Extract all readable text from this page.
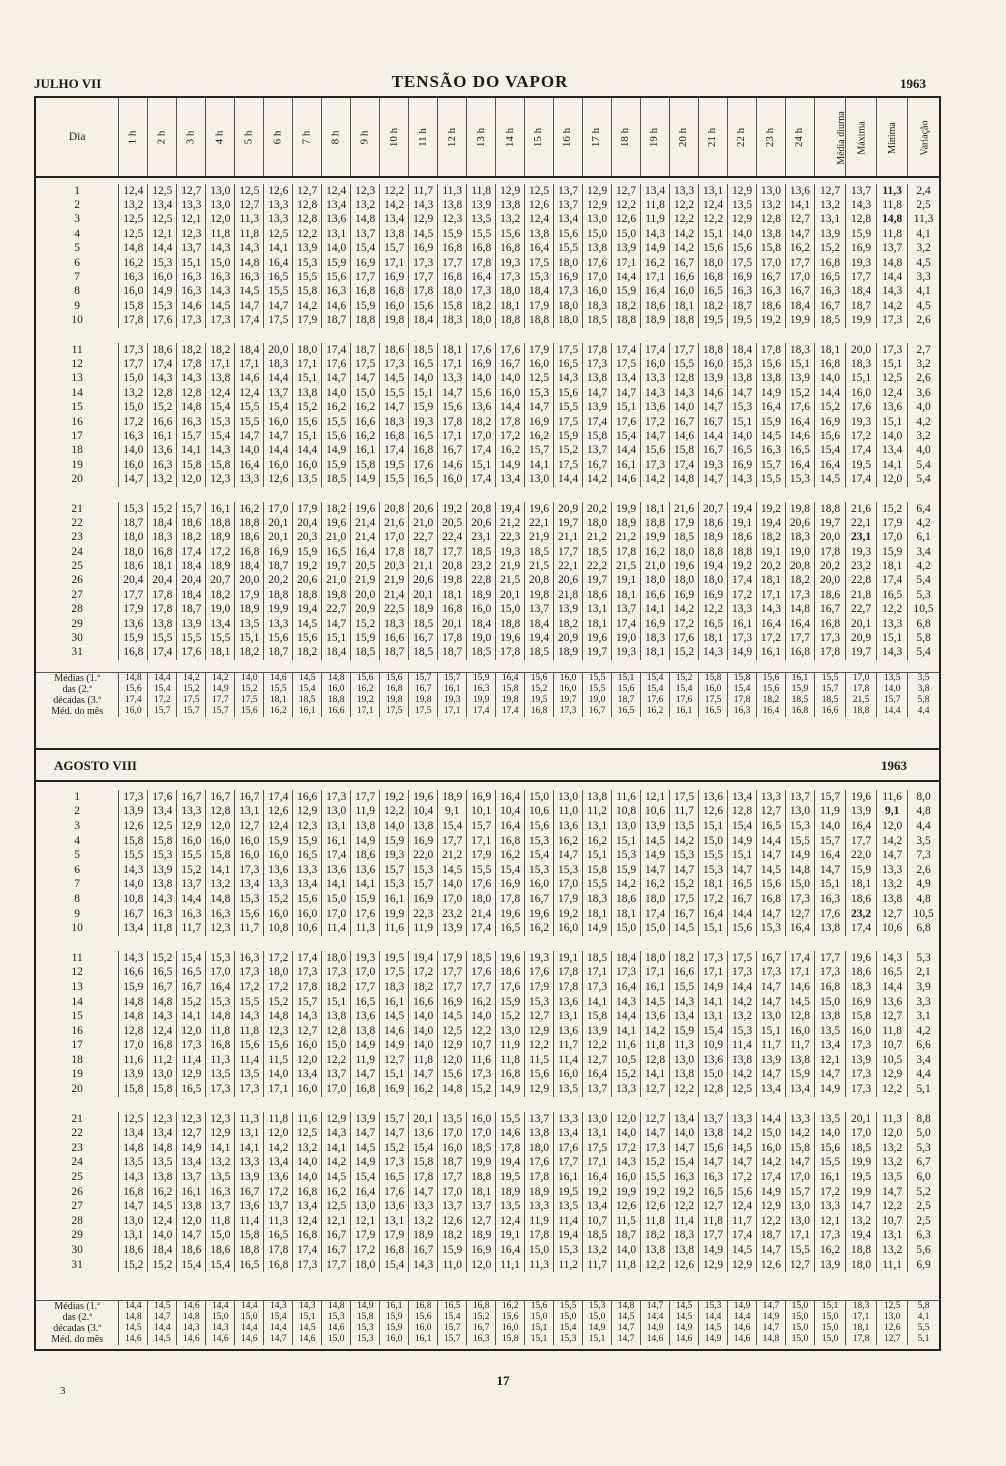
JULHO VII	TENSÃO DO VAPOR	1963
Dia	1 h	2 h	3 h	4 h	5 h	6 h	7 h	8 h	9 h	10 h	11 h	12 h	13 h	14 h	15 h	16 h	17 h	18 h	19 h	20 h	21 h	22 h	23 h	24 h	Média diurna	Máxima	Mínima	Variação

1	12,4	12,5	12,7	13,0	12,5	12,6	12,7	12,4	12,3	12,2	11,7	11,3	11,8	12,9	12,5	13,7	12,9	12,7	13,4	13,3	13,1	12,9	13,0	13,6	12,7	13,7	11,3	2,4
2	13,2	13,4	13,3	13,0	12,7	13,3	12,8	13,4	13,2	14,2	14,3	13,8	13,9	13,8	12,6	13,7	12,9	12,2	11,8	12,2	12,4	13,5	13,2	14,1	13,2	14,3	11,8	2,5
3	12,5	12,5	12,1	12,0	11,3	13,3	12,8	13,6	14,8	13,4	12,9	12,3	13,5	13,2	12,4	13,4	13,0	12,6	11,9	12,2	12,2	12,9	12,8	12,7	13,1	12,8	14,8	11,3
4	12,5	12,1	12,3	11,8	11,8	12,5	12,2	13,1	13,7	13,8	14,5	15,9	15,5	15,6	13,8	15,6	15,0	15,0	14,3	14,2	15,1	14,0	13,8	14,7	13,9	15,9	11,8	4,1
5	14,8	14,4	13,7	14,3	14,3	14,1	13,9	14,0	15,4	15,7	16,9	16,8	16,8	16,8	16,4	15,5	13,8	13,9	14,9	14,2	15,6	15,6	15,8	16,2	15,2	16,9	13,7	3,2
6	16,2	15,3	15,1	15,0	14,8	16,4	15,3	15,9	16,9	17,1	17,3	17,7	17,8	19,3	17,5	18,0	17,6	17,1	16,2	16,7	18,0	17,5	17,0	17,7	16,8	19,3	14,8	4,5
7	16,3	16,0	16,3	16,3	16,3	16,5	15,5	15,6	17,7	16,9	17,7	16,8	16,4	17,3	15,3	16,9	17,0	14,4	17,1	16,6	16,8	16,9	16,7	17,0	16,5	17,7	14,4	3,3
8	16,0	14,9	16,3	14,3	14,5	15,5	15,8	16,3	16,8	16,8	17,8	18,0	17,3	18,0	18,4	17,3	16,0	15,9	16,4	16,0	16,5	16,3	16,3	16,7	16,3	18,4	14,3	4,1
9	15,8	15,3	14,6	14,5	14,7	14,7	14,2	14,6	15,9	16,0	15,6	15,8	18,2	18,1	17,9	18,0	18,3	18,2	18,6	18,1	18,2	18,7	18,6	18,4	16,7	18,7	14,2	4,5
10	17,8	17,6	17,3	17,3	17,4	17,5	17,9	18,7	18,8	19,8	18,4	18,3	18,0	18,8	18,8	18,0	18,5	18,8	18,9	18,8	19,5	19,5	19,2	19,9	18,5	19,9	17,3	2,6

11	17,3	18,6	18,2	18,2	18,4	20,0	18,0	17,4	18,7	18,6	18,5	18,1	17,6	17,6	17,9	17,5	17,8	17,4	17,4	17,7	18,8	18,4	17,8	18,3	18,1	20,0	17,3	2,7
12	17,7	17,4	17,8	17,1	17,1	18,3	17,1	17,6	17,5	17,3	16,5	17,1	16,9	16,7	16,0	16,5	17,3	17,5	16,0	15,5	16,0	15,3	15,6	15,1	16,8	18,3	15,1	3,2
13	15,0	14,3	14,3	13,8	14,6	14,4	15,1	14,7	14,7	14,5	14,0	13,3	14,0	14,0	12,5	14,3	13,8	13,4	13,3	12,8	13,9	13,8	13,8	13,9	14,0	15,1	12,5	2,6
14	13,2	12,8	12,8	12,4	12,4	13,7	13,8	14,0	15,0	15,5	15,1	14,7	15,6	16,0	15,3	15,6	14,7	14,7	14,3	14,3	14,6	14,7	14,9	15,2	14,4	16,0	12,4	3,6
15	15,0	15,2	14,8	15,4	15,5	15,4	15,2	16,2	16,2	14,7	15,9	15,6	13,6	14,4	14,7	15,5	13,9	15,1	13,6	14,0	14,7	15,3	16,4	17,6	15,2	17,6	13,6	4,0
16	17,2	16,6	16,3	15,3	15,5	16,0	15,6	15,5	16,6	18,3	19,3	17,8	18,2	17,8	16,9	17,5	17,4	17,6	17,2	16,7	16,7	15,1	15,9	16,4	16,9	19,3	15,1	4,2
17	16,3	16,1	15,7	15,4	14,7	14,7	15,1	15,6	16,2	16,8	16,5	17,1	17,0	17,2	16,2	15,9	15,8	15,4	14,7	14,6	14,4	14,0	14,5	14,6	15,6	17,2	14,0	3,2
18	14,0	13,6	14,1	14,3	14,0	14,4	14,4	14,9	16,1	17,4	16,8	16,7	17,4	16,2	15,7	15,2	13,7	14,4	15,6	15,8	16,7	16,5	16,3	16,5	15,4	17,4	13,4	4,0
19	16,0	16,3	15,8	15,8	16,4	16,0	16,0	15,9	15,8	19,5	17,6	14,6	15,1	14,9	14,1	17,5	16,7	16,1	17,3	17,4	19,3	16,9	15,7	16,4	16,4	19,5	14,1	5,4
20	14,7	13,2	12,0	12,3	13,3	12,6	13,5	18,5	14,9	15,5	16,5	16,0	17,4	13,4	13,0	14,4	14,2	14,6	14,2	14,8	14,7	14,3	15,5	15,3	14,5	17,4	12,0	5,4

21	15,3	15,2	15,7	16,1	16,2	17,0	17,9	18,2	19,6	20,8	20,6	19,2	20,8	19,4	19,6	20,9	20,2	19,9	18,1	21,6	20,7	19,4	19,2	19,8	18,8	21,6	15,2	6,4
22	18,7	18,4	18,6	18,8	18,8	20,1	20,4	19,6	21,4	21,6	21,0	20,5	20,6	21,2	22,1	19,7	18,0	18,9	18,8	17,9	18,6	19,1	19,4	20,6	19,7	22,1	17,9	4,2
23	18,0	18,3	18,2	18,9	18,6	20,1	20,3	21,0	21,4	17,0	22,7	22,4	23,1	22,3	21,9	21,1	21,2	21,2	19,9	18,5	18,9	18,6	18,2	18,3	20,0	23,1	17,0	6,1
24	18,0	16,8	17,4	17,2	16,8	16,9	15,9	16,5	16,4	17,8	18,7	17,7	18,5	19,3	18,5	17,7	18,5	17,8	16,2	18,0	18,8	18,8	19,1	19,0	17,8	19,3	15,9	3,4
25	18,6	18,1	18,4	18,9	18,4	18,7	19,2	19,7	20,5	20,3	21,1	20,8	23,2	21,9	21,5	22,1	22,2	21,5	21,0	19,6	19,4	19,2	20,2	20,8	20,2	23,2	18,1	4,2
26	20,4	20,4	20,4	20,7	20,0	20,2	20,6	21,0	21,9	21,9	20,6	19,8	22,8	21,5	20,8	20,6	19,7	19,1	18,0	18,0	18,0	17,4	18,1	18,2	20,0	22,8	17,4	5,4
27	17,7	17,8	18,4	18,2	17,9	18,8	18,8	19,8	20,0	21,4	20,1	18,1	18,9	20,1	19,8	21,8	18,6	18,1	16,6	16,9	16,9	17,2	17,1	17,3	18,6	21,8	16,5	5,3
28	17,9	17,8	18,7	19,0	18,9	19,9	19,4	22,7	20,9	22,5	18,9	16,8	16,0	15,0	13,7	13,9	13,1	13,7	14,1	14,2	12,2	13,3	14,3	14,8	16,7	22,7	12,2	10,5
29	13,6	13,8	13,9	13,4	13,5	13,3	14,5	14,7	15,2	18,3	18,5	20,1	18,4	18,8	18,4	18,2	18,1	17,4	16,9	17,2	16,5	16,1	16,4	16,4	16,8	20,1	13,3	6,8
30	15,9	15,5	15,5	15,5	15,1	15,6	15,6	15,1	15,9	16,6	16,7	17,8	19,0	19,6	19,4	20,9	19,6	19,0	18,3	17,6	18,1	17,3	17,2	17,7	17,3	20,9	15,1	5,8
31	16,8	17,4	17,6	18,1	18,2	18,7	18,2	18,4	18,5	18,7	18,5	18,7	18,5	17,8	18,5	18,9	19,7	19,3	18,1	15,2	14,3	14,9	16,1	16,8	17,8	19,7	14,3	5,4

Médias (1.ª	14,8	14,4	14,2	14,2	14,0	14,6	14,5	14,8	15,6	15,6	15,7	15,7	15,9	16,4	15,6	16,0	15,5	15,1	15,4	15,2	15,8	15,8	15,6	16,1	15,5	17,0	13,5	3,5
das (2.ª	15,6	15,4	15,2	14,9	15,2	15,5	15,4	16,0	16,2	16,8	16,7	16,1	16,3	15,8	15,2	16,0	15,5	15,6	15,4	15,4	16,0	15,4	15,6	15,9	15,7	17,8	14,0	3,8
décadas (3.ª	17,4	17,2	17,5	17,7	17,5	18,1	18,5	18,8	19,2	19,8	19,8	19,3	19,9	19,8	19,5	19,7	19,0	18,7	17,6	17,6	17,5	17,8	18,2	18,5	18,5	21,5	15,7	5,8
Méd. do mês	16,0	15,7	15,7	15,7	15,6	16,2	16,1	16,6	17,1	17,5	17,5	17,1	17,4	17,4	16,8	17,3	16,7	16,5	16,2	16,1	16,5	16,3	16,4	16,8	16,6	18,8	14,4	4,4
AGOSTO VIII	1963

1	17,3	17,6	16,7	16,7	16,7	17,4	16,6	17,3	17,7	19,2	19,6	18,9	16,9	16,4	15,0	13,0	13,8	11,6	12,1	17,5	13,6	13,4	13,3	13,7	15,7	19,6	11,6	8,0
2	13,9	13,4	13,3	12,8	13,1	12,6	12,9	13,0	11,9	12,2	10,4	9,1	10,1	10,4	10,6	11,0	11,2	10,8	10,6	11,7	12,6	12,8	12,7	13,0	11,9	13,9	9,1	4,8
3	12,6	12,5	12,9	12,0	12,7	12,4	12,3	13,1	13,8	14,0	13,8	15,4	15,7	16,4	15,6	13,6	13,1	13,0	13,9	13,5	15,1	15,4	16,5	15,3	14,0	16,4	12,0	4,4
4	15,8	15,8	16,0	16,0	16,0	15,9	15,9	16,1	14,9	15,9	16,9	17,7	17,1	16,8	15,3	16,2	16,2	15,1	14,5	14,2	15,0	14,9	14,4	15,5	15,7	17,7	14,2	3,5
5	15,5	15,3	15,5	15,8	16,0	16,0	16,5	17,4	18,6	19,3	22,0	21,2	17,9	16,2	15,4	14,7	15,1	15,3	14,9	15,3	15,5	15,1	14,7	14,9	16,4	22,0	14,7	7,3
6	14,3	13,9	15,2	14,1	17,3	13,6	13,3	13,6	13,6	15,7	15,3	14,5	15,5	15,4	15,3	15,3	15,8	15,9	14,7	14,7	15,3	14,7	14,5	14,8	14,7	15,9	13,3	2,6
7	14,0	13,8	13,7	13,2	13,4	13,3	13,4	14,1	14,1	15,3	15,7	14,0	17,6	16,9	16,0	17,0	15,5	14,2	16,2	15,2	18,1	16,5	15,6	15,0	15,1	18,1	13,2	4,9
8	10,8	14,3	14,4	14,8	15,3	15,2	15,6	15,0	15,9	16,1	16,9	17,0	18,0	17,8	16,7	17,9	18,3	18,6	18,0	17,5	17,2	16,7	16,8	17,3	16,3	18,6	13,8	4,8
9	16,7	16,3	16,3	16,3	15,6	16,0	16,0	17,0	17,6	19,9	22,3	23,2	21,4	19,6	19,6	19,2	18,1	18,1	17,4	16,7	16,4	14,4	14,7	12,7	17,6	23,2	12,7	10,5
10	13,4	11,8	11,7	12,3	11,7	10,8	10,6	11,4	11,3	11,6	11,9	13,9	17,4	16,5	16,2	16,0	14,9	15,0	15,0	14,5	15,1	15,6	15,3	16,4	13,8	17,4	10,6	6,8

11	14,3	15,2	15,4	15,3	16,3	17,2	17,4	18,0	19,3	19,5	19,4	17,9	18,5	19,6	19,3	19,1	18,5	18,4	18,0	18,2	17,3	17,5	16,7	17,4	17,7	19,6	14,3	5,3
12	16,6	16,5	16,5	17,0	17,3	18,0	17,3	17,3	17,0	17,5	17,2	17,7	17,6	18,6	17,6	17,8	17,1	17,3	17,1	16,6	17,1	17,3	17,3	17,1	17,3	18,6	16,5	2,1
13	15,9	16,7	16,7	16,4	17,2	17,2	17,8	18,2	17,7	18,3	18,2	17,7	17,7	17,6	17,9	17,8	17,3	16,4	16,1	15,5	14,9	14,4	14,7	14,6	16,8	18,3	14,4	3,9
14	14,8	14,8	15,2	15,3	15,5	15,2	15,7	15,1	16,5	16,1	16,6	16,9	16,2	15,9	15,3	13,6	14,1	14,3	14,5	14,3	14,1	14,2	14,7	14,5	15,0	16,9	13,6	3,3
15	14,8	14,3	14,1	14,8	14,3	14,8	14,3	13,8	13,6	14,5	14,0	14,5	14,0	15,2	12,7	13,1	15,8	14,4	13,6	13,4	13,1	13,2	13,0	12,8	13,8	15,8	12,7	3,1
16	12,8	12,4	12,0	11,8	11,8	12,3	12,7	12,8	13,8	14,6	14,0	12,5	12,2	13,0	12,9	13,6	13,9	14,1	14,2	15,9	15,4	15,3	15,1	16,0	13,5	16,0	11,8	4,2
17	17,0	16,8	17,3	16,8	15,6	15,6	16,0	15,0	14,9	14,9	14,0	12,9	10,7	11,9	12,2	11,7	12,2	11,6	11,8	11,3	10,9	11,4	11,7	11,7	13,4	17,3	10,7	6,6
18	11,6	11,2	11,4	11,3	11,4	11,5	12,0	12,2	11,9	12,7	11,8	12,0	11,6	11,8	11,5	11,4	12,7	10,5	12,8	13,0	13,6	13,8	13,9	13,8	12,1	13,9	10,5	3,4
19	13,9	13,0	12,9	13,5	13,5	14,0	13,4	13,7	14,7	15,1	14,7	15,6	17,3	16,8	15,6	16,0	16,4	15,2	14,1	13,8	15,0	14,2	14,7	15,9	14,7	17,3	12,9	4,4
20	15,8	15,8	16,5	17,3	17,3	17,1	16,0	17,0	16,8	16,9	16,2	14,8	15,2	14,9	12,9	13,5	13,7	13,3	12,7	12,2	12,8	12,5	13,4	13,4	14,9	17,3	12,2	5,1

21	12,5	12,3	12,3	12,3	11,3	11,8	11,6	12,9	13,9	15,7	20,1	13,5	16,0	15,5	13,7	13,3	13,0	12,0	12,7	13,4	13,7	13,3	14,4	13,3	13,5	20,1	11,3	8,8
22	13,4	13,4	12,7	12,9	13,1	12,0	12,5	14,3	14,7	14,7	13,6	17,0	17,0	14,6	13,8	13,4	13,1	14,0	14,7	14,0	13,8	14,2	15,0	14,2	14,0	17,0	12,0	5,0
23	14,8	14,8	14,9	14,1	14,1	14,2	13,2	14,1	14,5	15,2	15,4	16,0	18,5	17,8	18,0	17,6	17,5	17,2	17,3	14,7	15,6	14,5	16,0	15,8	15,6	18,5	13,2	5,3
24	13,5	13,5	13,4	13,2	13,3	13,4	14,0	14,2	14,9	17,3	15,8	18,7	19,9	19,4	17,6	17,7	17,1	14,3	15,2	15,4	14,7	14,7	14,2	14,7	15,5	19,9	13,2	6,7
25	14,3	13,8	13,7	13,5	13,9	13,6	14,0	14,5	15,4	16,5	17,8	17,7	18,8	19,5	17,8	16,1	16,4	16,0	15,5	16,3	16,3	17,2	17,4	17,0	16,1	19,5	13,5	6,0
26	16,8	16,2	16,1	16,3	16,7	17,2	16,8	16,2	16,4	17,6	14,7	17,0	18,1	18,9	18,9	19,5	19,2	19,9	19,2	19,2	16,5	15,6	14,9	15,7	17,2	19,9	14,7	5,2
27	14,7	14,5	13,8	13,7	13,6	13,7	13,4	12,5	13,0	13,6	13,3	13,7	13,7	13,5	13,3	13,5	13,4	12,6	12,6	12,2	12,7	12,4	12,9	13,0	13,3	14,7	12,2	2,5
28	13,0	12,4	12,0	11,8	11,4	11,3	12,4	12,1	12,1	13,1	13,2	12,6	12,7	12,4	11,9	11,4	10,7	11,5	11,8	11,4	11,8	11,7	12,2	13,0	12,1	13,2	10,7	2,5
29	13,1	14,0	14,7	15,0	15,8	16,5	16,8	16,7	17,9	17,9	18,9	18,2	18,9	19,1	17,8	19,4	18,5	18,7	18,2	18,3	17,7	17,4	18,7	17,1	17,3	19,4	13,1	6,3
30	18,6	18,4	18,6	18,6	18,8	17,8	17,4	16,7	17,2	16,8	16,7	15,9	16,9	16,4	15,0	15,3	13,2	14,0	13,8	13,8	14,9	14,5	14,7	15,5	16,2	18,8	13,2	5,6
31	15,2	15,2	15,4	15,4	16,5	16,8	17,3	17,7	18,0	15,4	14,3	11,0	12,0	11,1	11,3	11,2	11,7	11,8	12,2	12,6	12,9	12,9	12,6	12,7	13,9	18,0	11,1	6,9

Médias (1.ª	14,4	14,5	14,6	14,4	14,4	14,3	14,3	14,8	14,9	16,1	16,8	16,5	16,8	16,2	15,6	15,5	15,3	14,8	14,7	14,5	15,3	14,9	14,7	15,0	15,1	18,3	12,5	5,8
das (2.ª	14,8	14,7	14,8	15,0	15,0	15,4	15,1	15,3	15,8	15,9	15,6	15,4	15,2	15,6	15,0	15,0	15,0	14,5	14,4	14,5	14,4	14,4	14,9	15,0	15,0	17,1	13,0	4,1
décadas (3.ª	14,5	14,4	14,3	14,3	14,4	14,4	14,5	14,6	15,3	15,9	16,0	15,7	16,7	16,0	15,1	15,4	14,9	14,7	14,9	14,9	14,5	14,6	14,7	15,0	15,0	18,1	12,6	5,5
Méd. do mês	14,6	14,5	14,6	14,6	14,6	14,7	14,6	15,0	15,3	16,0	16,1	15,7	16,3	15,8	15,1	15,3	15,1	14,7	14,6	14,6	14,9	14,6	14,8	15,0	15,0	17,8	12,7	5,1
17
3
